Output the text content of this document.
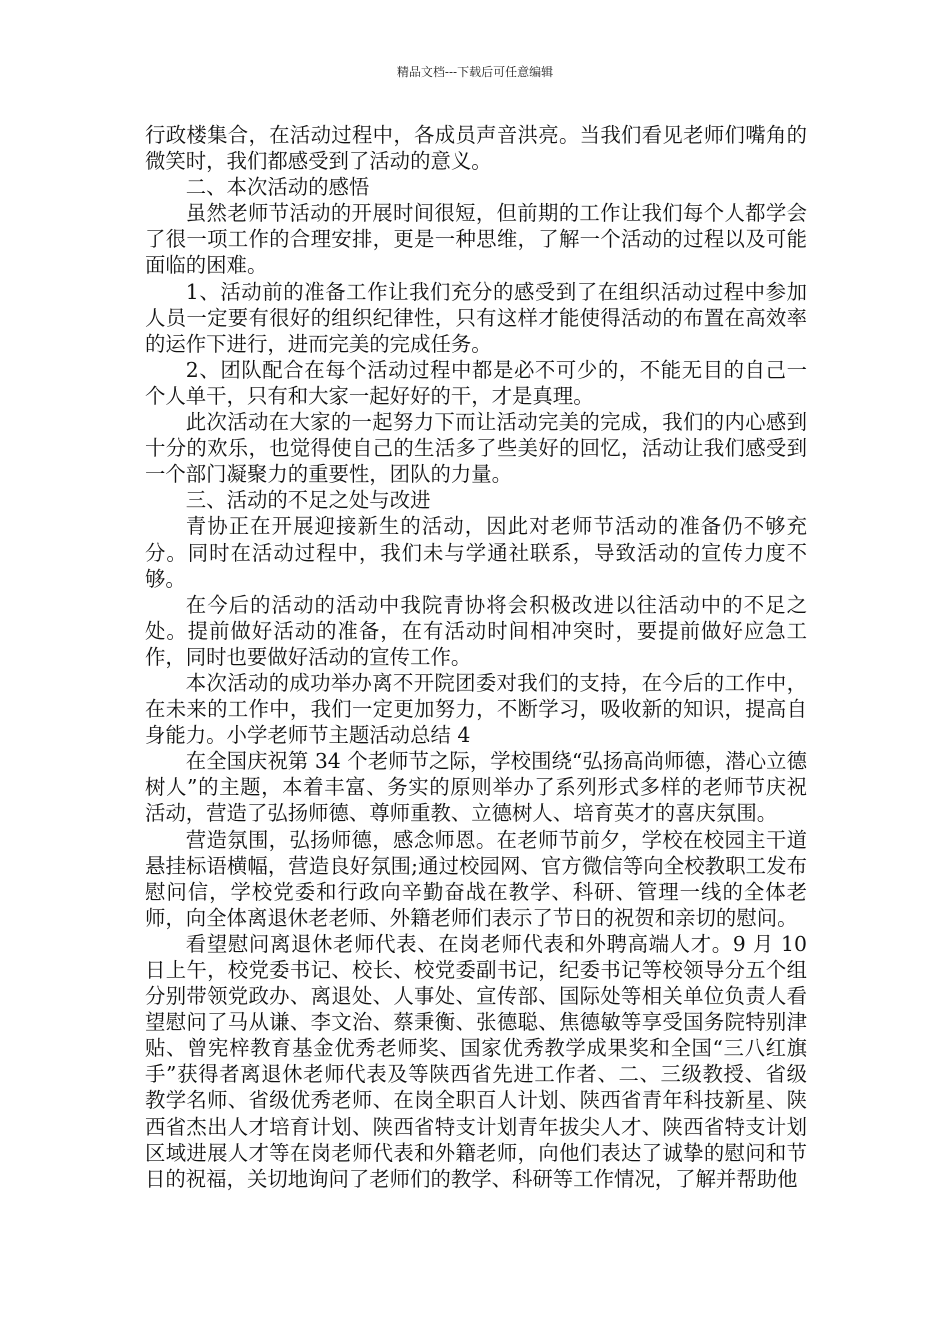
精品文档---下载后可任意编辑

行政楼集合，在活动过程中，各成员声音洪亮。当我们看见老师们嘴角的微笑时，我们都感受到了活动的意义。

二、本次活动的感悟

虽然老师节活动的开展时间很短，但前期的工作让我们每个人都学会了很一项工作的合理安排，更是一种思维，了解一个活动的过程以及可能面临的困难。

1、活动前的准备工作让我们充分的感受到了在组织活动过程中参加人员一定要有很好的组织纪律性，只有这样才能使得活动的布置在高效率的运作下进行，进而完美的完成任务。

2、团队配合在每个活动过程中都是必不可少的，不能无目的自己一个人单干，只有和大家一起好好的干，才是真理。

此次活动在大家的一起努力下而让活动完美的完成，我们的内心感到十分的欢乐，也觉得使自己的生活多了些美好的回忆，活动让我们感受到一个部门凝聚力的重要性，团队的力量。

三、活动的不足之处与改进

青协正在开展迎接新生的活动，因此对老师节活动的准备仍不够充分。同时在活动过程中，我们未与学通社联系，导致活动的宣传力度不够。

在今后的活动的活动中我院青协将会积极改进以往活动中的不足之处。提前做好活动的准备，在有活动时间相冲突时，要提前做好应急工作，同时也要做好活动的宣传工作。

本次活动的成功举办离不开院团委对我们的支持，在今后的工作中，在未来的工作中，我们一定更加努力，不断学习，吸收新的知识，提高自身能力。小学老师节主题活动总结 4

在全国庆祝第 34 个老师节之际，学校围绕“弘扬高尚师德，潜心立德树人”的主题，本着丰富、务实的原则举办了系列形式多样的老师节庆祝活动，营造了弘扬师德、尊师重教、立德树人、培育英才的喜庆氛围。

营造氛围，弘扬师德，感念师恩。在老师节前夕，学校在校园主干道悬挂标语横幅，营造良好氛围;通过校园网、官方微信等向全校教职工发布慰问信，学校党委和行政向辛勤奋战在教学、科研、管理一线的全体老师，向全体离退休老老师、外籍老师们表示了节日的祝贺和亲切的慰问。

看望慰问离退休老师代表、在岗老师代表和外聘高端人才。9 月 10 日上午，校党委书记、校长、校党委副书记，纪委书记等校领导分五个组分别带领党政办、离退处、人事处、宣传部、国际处等相关单位负责人看望慰问了马从谦、李文治、蔡秉衡、张德聪、焦德敏等享受国务院特别津贴、曾宪梓教育基金优秀老师奖、国家优秀教学成果奖和全国“三八红旗手”获得者离退休老师代表及等陕西省先进工作者、二、三级教授、省级教学名师、省级优秀老师、在岗全职百人计划、陕西省青年科技新星、陕西省杰出人才培育计划、陕西省特支计划青年拔尖人才、陕西省特支计划区域进展人才等在岗老师代表和外籍老师，向他们表达了诚挚的慰问和节日的祝福，关切地询问了老师们的教学、科研等工作情况，了解并帮助他
